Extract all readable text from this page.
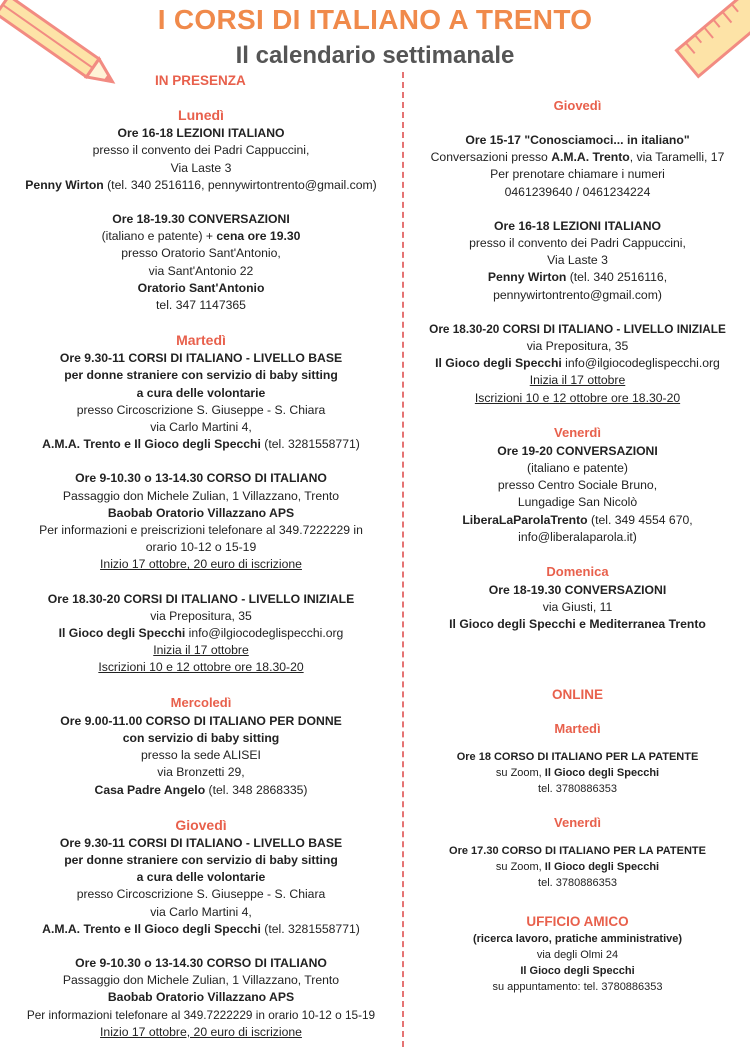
I CORSI DI ITALIANO A TRENTO
Il calendario settimanale
IN PRESENZA
Lunedì
Ore 16-18 LEZIONI ITALIANO
presso il convento dei Padri Cappuccini,
Via Laste 3
Penny Wirton (tel. 340 2516116, pennywirtontrento@gmail.com)
Ore 18-19.30 CONVERSAZIONI
(italiano e patente) + cena ore 19.30
presso Oratorio Sant'Antonio,
via Sant'Antonio 22
Oratorio Sant'Antonio
tel. 347 1147365
Martedì
Ore 9.30-11 CORSI DI ITALIANO - LIVELLO BASE
per donne straniere con servizio di baby sitting
a cura delle volontarie
presso Circoscrizione S. Giuseppe - S. Chiara
via Carlo Martini 4,
A.M.A. Trento e Il Gioco degli Specchi (tel. 3281558771)
Ore 9-10.30 o 13-14.30 CORSO DI ITALIANO
Passaggio don Michele Zulian, 1 Villazzano, Trento
Baobab Oratorio Villazzano APS
Per informazioni e preiscrizioni telefonare al 349.7222229 in
orario 10-12 o 15-19
Inizio 17 ottobre, 20 euro di iscrizione
Ore 18.30-20 CORSI DI ITALIANO - LIVELLO INIZIALE
via Prepositura, 35
Il Gioco degli Specchi info@ilgiocodeglispecchi.org
Inizia il 17 ottobre
Iscrizioni 10 e 12 ottobre ore 18.30-20
Mercoledì
Ore 9.00-11.00 CORSO DI ITALIANO PER DONNE
con servizio di baby sitting
presso la sede ALISEI
via Bronzetti 29,
Casa Padre Angelo (tel. 348 2868335)
Giovedì
Ore 9.30-11 CORSI DI ITALIANO - LIVELLO BASE
per donne straniere con servizio di baby sitting
a cura delle volontarie
presso Circoscrizione S. Giuseppe - S. Chiara
via Carlo Martini 4,
A.M.A. Trento e Il Gioco degli Specchi (tel. 3281558771)
Ore 9-10.30 o 13-14.30 CORSO DI ITALIANO
Passaggio don Michele Zulian, 1 Villazzano, Trento
Baobab Oratorio Villazzano APS
Per informazioni telefonare al 349.7222229 in orario 10-12 o 15-19
Inizio 17 ottobre, 20 euro di iscrizione
Giovedì
Ore 15-17 "Conosciamoci... in italiano"
Conversazioni presso A.M.A. Trento, via Taramelli, 17
Per prenotare chiamare i numeri
0461239640 / 0461234224
Ore 16-18 LEZIONI ITALIANO
presso il convento dei Padri Cappuccini,
Via Laste 3
Penny Wirton (tel. 340 2516116,
pennywirtontrento@gmail.com)
Ore 18.30-20 CORSI DI ITALIANO - LIVELLO INIZIALE
via Prepositura, 35
Il Gioco degli Specchi info@ilgiocodeglispecchi.org
Inizia il 17 ottobre
Iscrizioni 10 e 12 ottobre ore 18.30-20
Venerdì
Ore 19-20 CONVERSAZIONI
(italiano e patente)
presso Centro Sociale Bruno,
Lungadige San Nicolò
LiberaLaParolaTrento (tel. 349 4554 670,
info@liberalaparola.it)
Domenica
Ore 18-19.30 CONVERSAZIONI
via Giusti, 11
Il Gioco degli Specchi e Mediterranea Trento
ONLINE
Martedì
Ore 18 CORSO DI ITALIANO PER LA PATENTE
su Zoom, Il Gioco degli Specchi
tel. 3780886353
Venerdì
Ore 17.30 CORSO DI ITALIANO PER LA PATENTE
su Zoom, Il Gioco degli Specchi
tel. 3780886353
UFFICIO AMICO
(ricerca lavoro, pratiche amministrative)
via degli Olmi 24
Il Gioco degli Specchi
su appuntamento: tel. 3780886353
